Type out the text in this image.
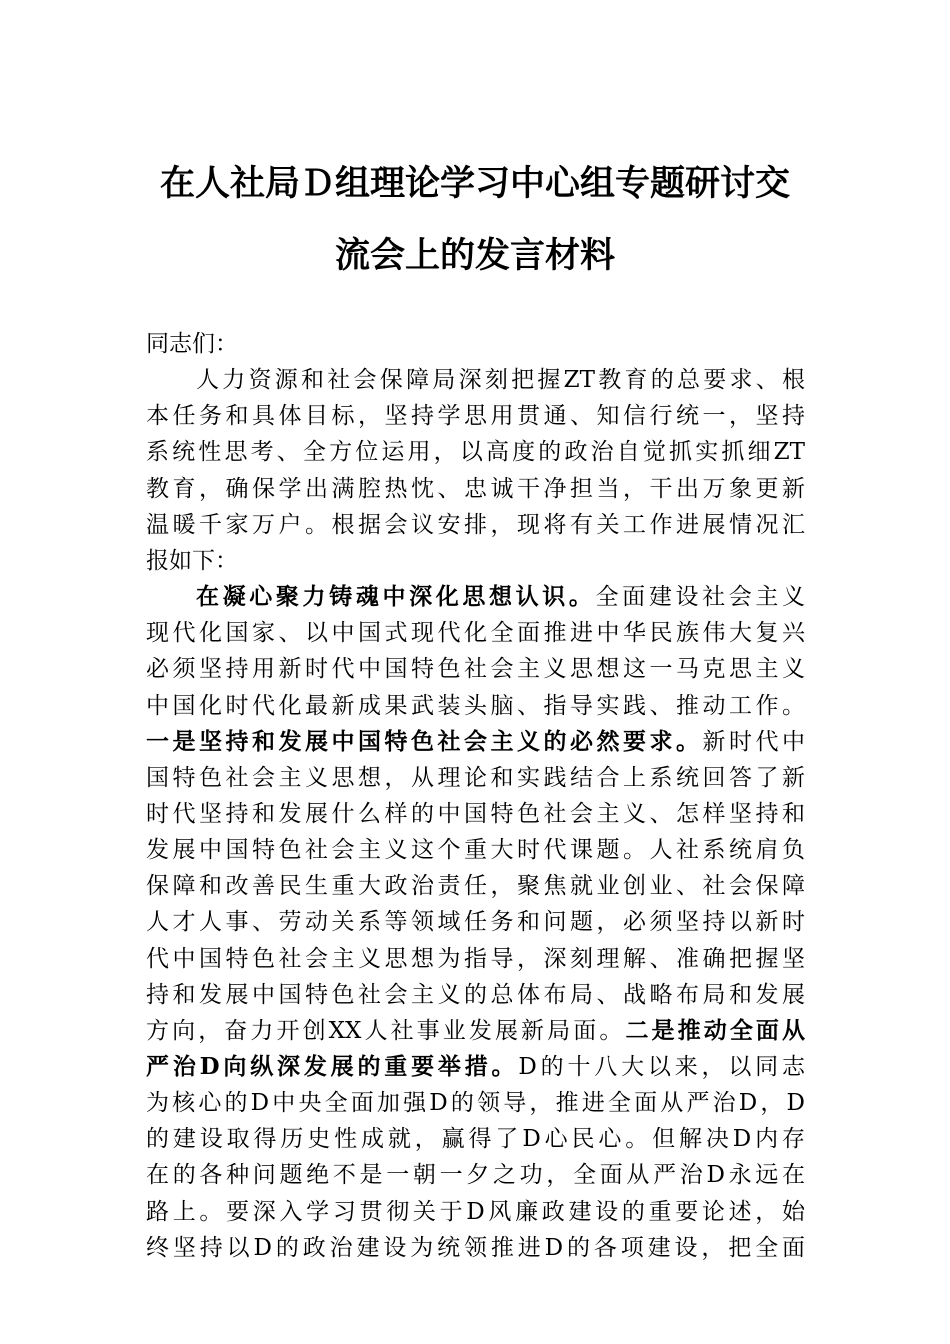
在人社局Ｄ组理论学习中心组专题研讨交
流会上的发言材料
同志们：
人力资源和社会保障局深刻把握ZT教育的总要求、根
本任务和具体目标，坚持学思用贯通、知信行统一，坚持
系统性思考、全方位运用，以高度的政治自觉抓实抓细ZT
教育，确保学出满腔热忱、忠诚干净担当，干出万象更新
温暖千家万户。根据会议安排，现将有关工作进展情况汇
报如下：
在凝心聚力铸魂中深化思想认识。全面建设社会主义
现代化国家、以中国式现代化全面推进中华民族伟大复兴
必须坚持用新时代中国特色社会主义思想这一马克思主义
中国化时代化最新成果武装头脑、指导实践、推动工作。
一是坚持和发展中国特色社会主义的必然要求。新时代中
国特色社会主义思想，从理论和实践结合上系统回答了新
时代坚持和发展什么样的中国特色社会主义、怎样坚持和
发展中国特色社会主义这个重大时代课题。人社系统肩负
保障和改善民生重大政治责任，聚焦就业创业、社会保障
人才人事、劳动关系等领域任务和问题，必须坚持以新时
代中国特色社会主义思想为指导，深刻理解、准确把握坚
持和发展中国特色社会主义的总体布局、战略布局和发展
方向，奋力开创XX人社事业发展新局面。二是推动全面从
严治D向纵深发展的重要举措。D的十八大以来，以同志
为核心的D中央全面加强D的领导，推进全面从严治D，D
的建设取得历史性成就，赢得了D心民心。但解决D内存
在的各种问题绝不是一朝一夕之功，全面从严治D永远在
路上。要深入学习贯彻关于D风廉政建设的重要论述，始
终坚持以D的政治建设为统领推进D的各项建设，把全面
